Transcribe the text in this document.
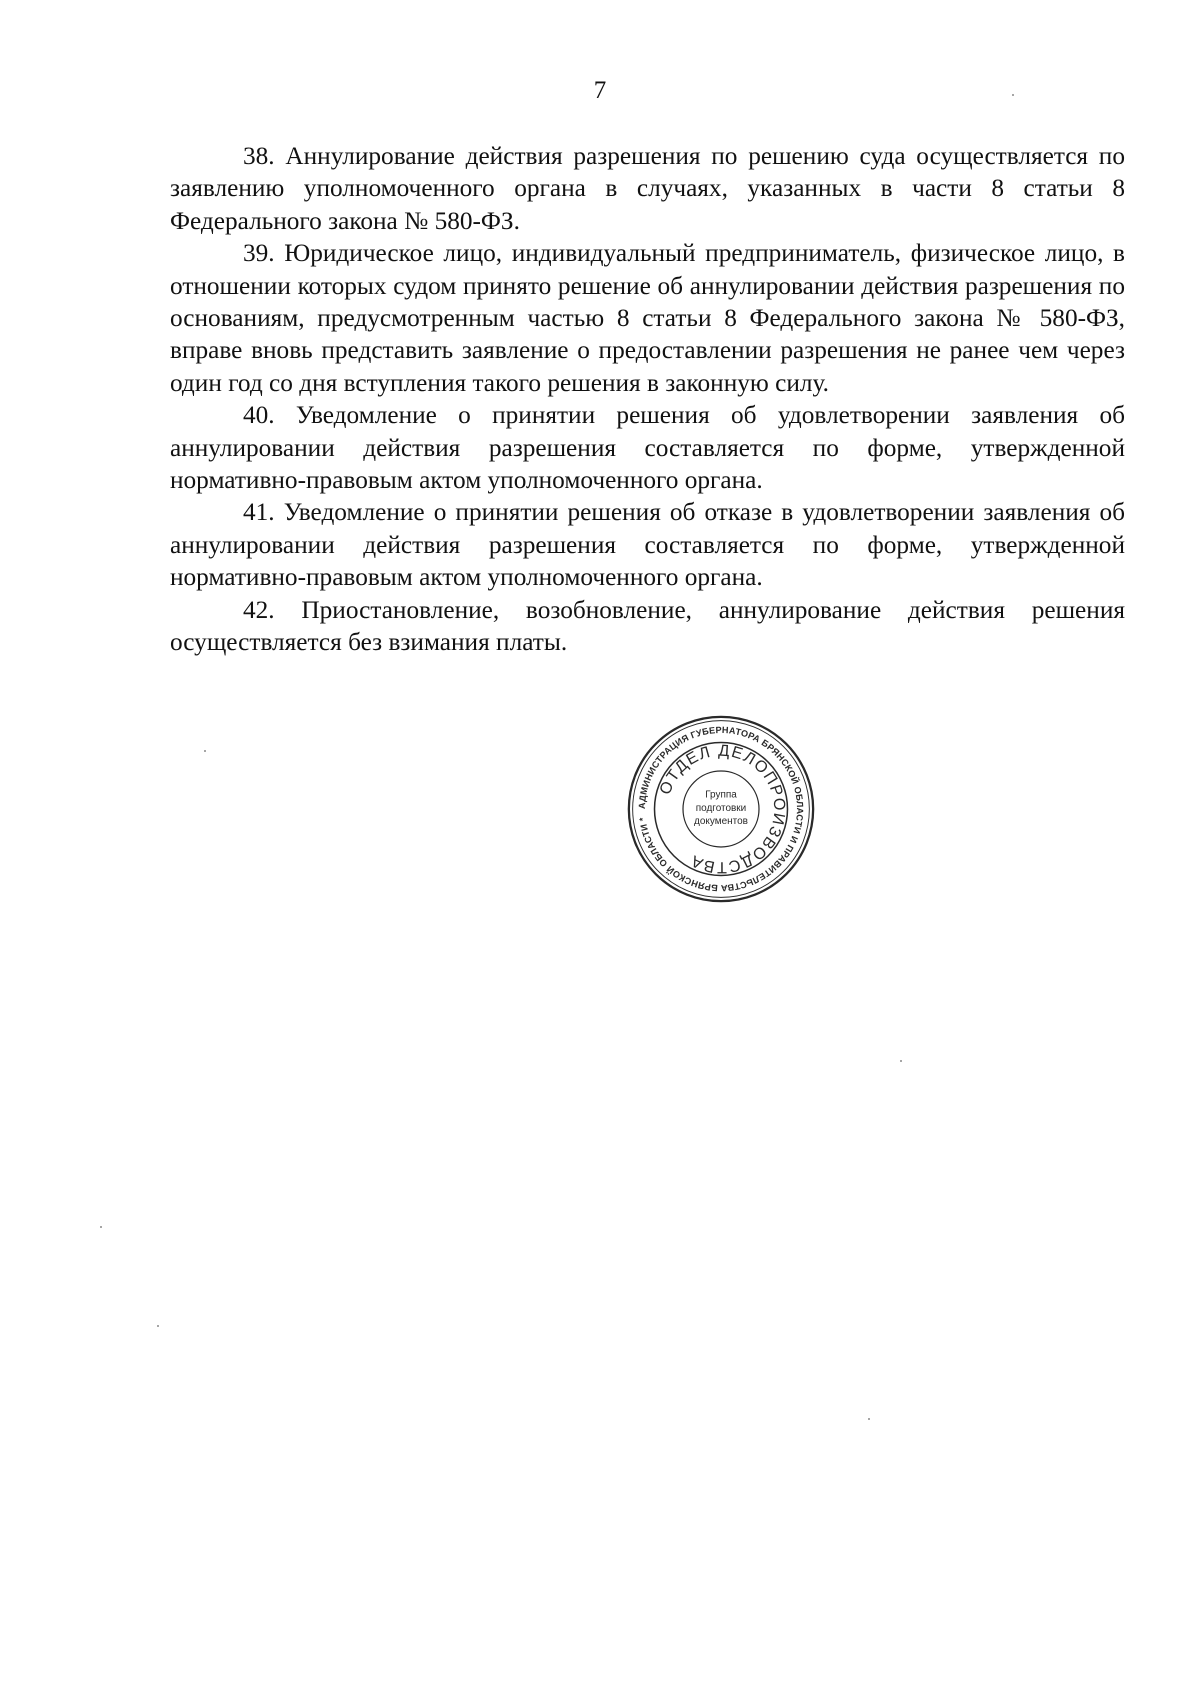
7

38. Аннулирование действия разрешения по решению суда осуществляется по заявлению уполномоченного органа в случаях, указанных в части 8 статьи 8 Федерального закона № 580-ФЗ.

39. Юридическое лицо, индивидуальный предприниматель, физическое лицо, в отношении которых судом принято решение об аннулировании действия разрешения по основаниям, предусмотренным частью 8 статьи 8 Федерального закона № 580-ФЗ, вправе вновь представить заявление о предоставлении разрешения не ранее чем через один год со дня вступления такого решения в законную силу.

40. Уведомление о принятии решения об удовлетворении заявления об аннулировании действия разрешения составляется по форме, утвержденной нормативно-правовым актом уполномоченного органа.

41. Уведомление о принятии решения об отказе в удовлетворении заявления об аннулировании действия разрешения составляется по форме, утвержденной нормативно-правовым актом уполномоченного органа.

42. Приостановление, возобновление, аннулирование действия решения осуществляется без взимания платы.

АДМИНИСТРАЦИЯ ГУБЕРНАТОРА БРЯНСКОЙ ОБЛАСТИ И ПРАВИТЕЛЬСТВА БРЯНСКОЙ ОБЛАСТИ *
ОТДЕЛ ДЕЛОПРОИЗВОДСТВА
Группа
подготовки
документов
